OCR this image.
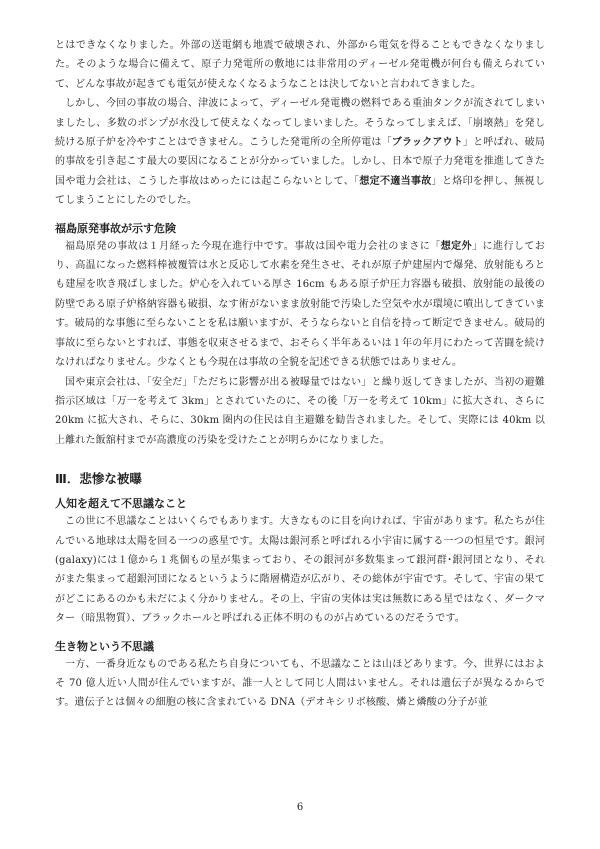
とはできなくなりました。外部の送電網も地震で破壊され、外部から電気を得ることもできなくなりました。そのような場合に備えて、原子力発電所の敷地には非常用のディーゼル発電機が何台も備えられていて、どんな事故が起きても電気が使えなくなるようなことは決してないと言われてきました。

しかし、今回の事故の場合、津波によって、ディーゼル発電機の燃料である重油タンクが流されてしまいましたし、多数のポンプが水没して使えなくなってしまいました。そうなってしまえば、「崩壊熱」を発し続ける原子炉を冷やすことはできません。こうした発電所の全所停電は「ブラックアウト」と呼ばれ、破局的事故を引き起こす最大の要因になることが分かっていました。しかし、日本で原子力発電を推進してきた国や電力会社は、こうした事故はめったには起こらないとして、「想定不適当事故」と烙印を押し、無視してしまうことにしたのでした。

福島原発事故が示す危険

福島原発の事故は１月経った今現在進行中です。事故は国や電力会社のまさに「想定外」に進行しており、高温になった燃料棒被覆管は水と反応して水素を発生させ、それが原子炉建屋内で爆発、放射能もろとも建屋を吹き飛ばしました。炉心を入れている厚さ 16cm もある原子炉圧力容器も破損、放射能の最後の防壁である原子炉格納容器も破損、なす術がないまま放射能で汚染した空気や水が環境に噴出してきています。破局的な事態に至らないことを私は願いますが、そうならないと自信を持って断定できません。破局的事故に至らないとすれば、事態を収束させるまで、おそらく半年あるいは１年の年月にわたって苦闘を続けなければなりません。少なくとも今現在は事故の全貌を記述できる状態ではありません。

国や東京会社は、「安全だ」「ただちに影響が出る被曝量ではない」と繰り返してきましたが、当初の避難指示区域は「万一を考えて 3km」とされていたのに、その後「万一を考えて 10km」に拡大され、さらに 20km に拡大され、そらに、30km 圏内の住民は自主避難を勧告されました。そして、実際には 40km 以上離れた飯舘村までが高濃度の汚染を受けたことが明らかになりました。

Ⅲ．悲惨な被曝
人知を超えて不思議なこと

この世に不思議なことはいくらでもあります。大きなものに目を向ければ、宇宙があります。私たちが住んでいる地球は太陽を回る一つの惑星です。太陽は銀河系と呼ばれる小宇宙に属する一つの恒星です。銀河(galaxy)には１億から１兆個もの星が集まっており、その銀河が多数集まって銀河群･銀河団となり、それがまた集まって超銀河団になるというように階層構造が広がり、その総体が宇宙です。そして、宇宙の果てがどこにあるのかも未だによく分かりません。その上、宇宙の実体は実は無数にある星ではなく、ダークマター（暗黒物質）、ブラックホールと呼ばれる正体不明のものが占めているのだそうです。

生き物という不思議

一方、一番身近なものである私たち自身についても、不思議なことは山ほどあります。今、世界にはおよそ 70 億人近い人間が住んでいますが、誰一人として同じ人間はいません。それは遺伝子が異なるからです。遺伝子とは個々の細胞の核に含まれている DNA（デオキシリボ核酸、燐と燐酸の分子が並

6
